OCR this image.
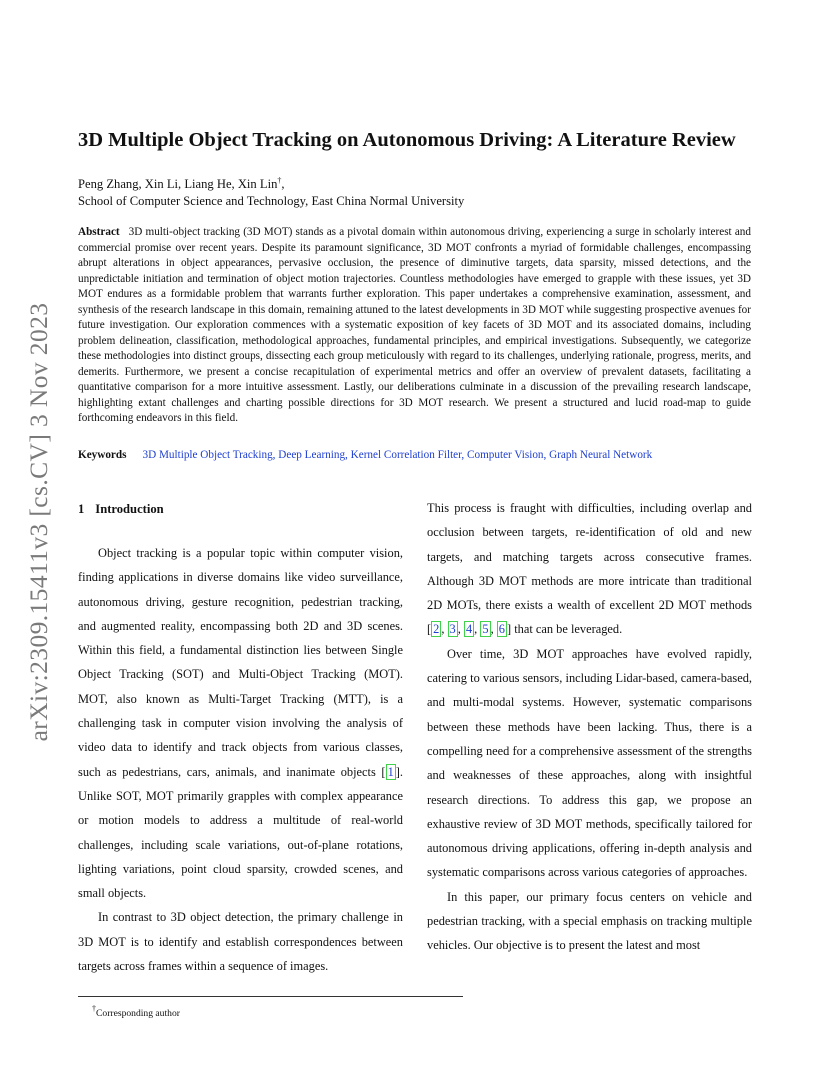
arXiv:2309.15411v3 [cs.CV] 3 Nov 2023
3D Multiple Object Tracking on Autonomous Driving: A Literature Review
Peng Zhang, Xin Li, Liang He, Xin Lin†,
School of Computer Science and Technology, East China Normal University

Abstract 3D multi-object tracking (3D MOT) stands as a pivotal domain within autonomous driving, experiencing a surge in scholarly interest and commercial promise over recent years. Despite its paramount significance, 3D MOT confronts a myriad of formidable challenges, encompassing abrupt alterations in object appearances, pervasive occlusion, the presence of diminutive targets, data sparsity, missed detections, and the unpredictable initiation and termination of object motion trajectories. Countless methodologies have emerged to grapple with these issues, yet 3D MOT endures as a formidable problem that warrants further exploration. This paper undertakes a comprehensive examination, assessment, and synthesis of the research landscape in this domain, remaining attuned to the latest developments in 3D MOT while suggesting prospective avenues for future investigation. Our exploration commences with a systematic exposition of key facets of 3D MOT and its associated domains, including problem delineation, classification, methodological approaches, fundamental principles, and empirical investigations. Subsequently, we categorize these methodologies into distinct groups, dissecting each group meticulously with regard to its challenges, underlying rationale, progress, merits, and demerits. Furthermore, we present a concise recapitulation of experimental metrics and offer an overview of prevalent datasets, facilitating a quantitative comparison for a more intuitive assessment. Lastly, our deliberations culminate in a discussion of the prevailing research landscape, highlighting extant challenges and charting possible directions for 3D MOT research. We present a structured and lucid road-map to guide forthcoming endeavors in this field.

Keywords 3D Multiple Object Tracking, Deep Learning, Kernel Correlation Filter, Computer Vision, Graph Neural Network
1 Introduction

Object tracking is a popular topic within computer vision, finding applications in diverse domains like video surveillance, autonomous driving, gesture recognition, pedestrian tracking, and augmented reality, encompassing both 2D and 3D scenes. Within this field, a fundamental distinction lies between Single Object Tracking (SOT) and Multi-Object Tracking (MOT). MOT, also known as Multi-Target Tracking (MTT), is a challenging task in computer vision involving the analysis of video data to identify and track objects from various classes, such as pedestrians, cars, animals, and inanimate objects [ 1 ]. Unlike SOT, MOT primarily grapples with complex appearance or motion models to address a multitude of real-world challenges, including scale variations, out-of-plane rotations, lighting variations, point cloud sparsity, crowded scenes, and small objects.

In contrast to 3D object detection, the primary challenge in 3D MOT is to identify and establish correspondences between targets across frames within a sequence of images.

This process is fraught with difficulties, including overlap and occlusion between targets, re-identification of old and new targets, and matching targets across consecutive frames. Although 3D MOT methods are more intricate than traditional 2D MOTs, there exists a wealth of excellent 2D MOT methods [ 2 , 3 , 4 , 5 , 6 ] that can be leveraged.

Over time, 3D MOT approaches have evolved rapidly, catering to various sensors, including Lidar-based, camera-based, and multi-modal systems. However, systematic comparisons between these methods have been lacking. Thus, there is a compelling need for a comprehensive assessment of the strengths and weaknesses of these approaches, along with insightful research directions. To address this gap, we propose an exhaustive review of 3D MOT methods, specifically tailored for autonomous driving applications, offering in-depth analysis and systematic comparisons across various categories of approaches.

In this paper, our primary focus centers on vehicle and pedestrian tracking, with a special emphasis on tracking multiple vehicles. Our objective is to present the latest and most

†Corresponding author
